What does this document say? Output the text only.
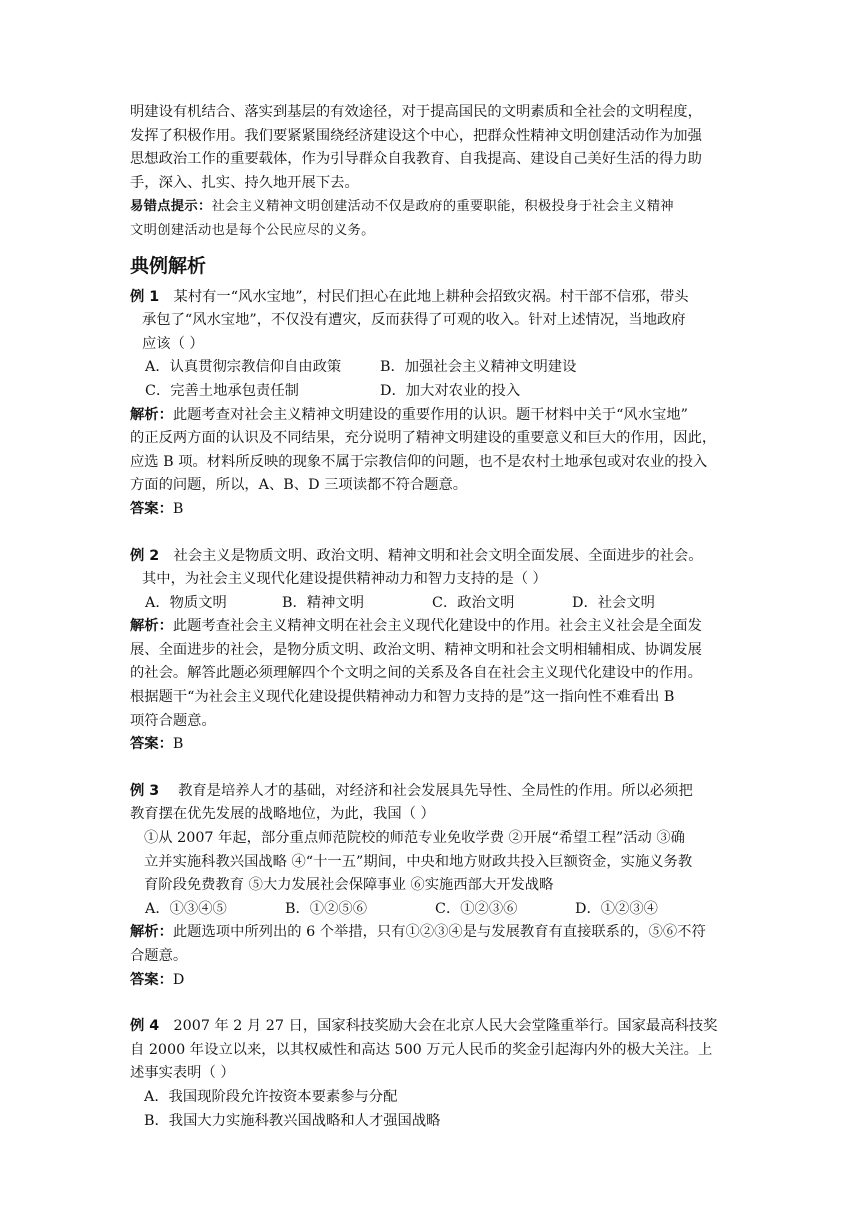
明建设有机结合、落实到基层的有效途径，对于提高国民的文明素质和全社会的文明程度，

发挥了积极作用。我们要紧紧围绕经济建设这个中心，把群众性精神文明创建活动作为加强

思想政治工作的重要载体，作为引导群众自我教育、自我提高、建设自己美好生活的得力助

手，深入、扎实、持久地开展下去。

易错点提示：社会主义精神文明创建活动不仅是政府的重要职能，积极投身于社会主义精神

文明创建活动也是每个公民应尽的义务。

典例解析

例 1　 某村有一“风水宝地”，村民们担心在此地上耕种会招致灾祸。村干部不信邪，带头

承包了“风水宝地”，不仅没有遭灾，反而获得了可观的收入。针对上述情况，当地政府

应该（ ）

A．认真贯彻宗教信仰自由政策	B．加强社会主义精神文明建设
C．完善土地承包责任制	D．加大对农业的投入

解析：此题考查对社会主义精神文明建设的重要作用的认识。题干材料中关于“风水宝地”

的正反两方面的认识及不同结果，充分说明了精神文明建设的重要意义和巨大的作用，因此，

应选 B 项。材料所反映的现象不属于宗教信仰的问题，也不是农村土地承包或对农业的投入

方面的问题，所以，A、B、D 三项读都不符合题意。

答案：B

例 2　 社会主义是物质文明、政治文明、精神文明和社会文明全面发展、全面进步的社会。

其中，为社会主义现代化建设提供精神动力和智力支持的是（ ）

A．物质文明	B．精神文明	C．政治文明	D．社会文明

解析：此题考查社会主义精神文明在社会主义现代化建设中的作用。社会主义社会是全面发

展、全面进步的社会，是物分质文明、政治文明、精神文明和社会文明相辅相成、协调发展

的社会。解答此题必须理解四个个文明之间的关系及各自在社会主义现代化建设中的作用。

根据题干“为社会主义现代化建设提供精神动力和智力支持的是”这一指向性不难看出 B

项符合题意。

答案：B

例 3　 教育是培养人才的基础，对经济和社会发展具先导性、全局性的作用。所以必须把

教育摆在优先发展的战略地位，为此，我国（ ）

①从 2007 年起，部分重点师范院校的师范专业免收学费 ②开展“希望工程”活动 ③确

立并实施科教兴国战略 ④“十一五”期间，中央和地方财政共投入巨额资金，实施义务教

育阶段免费教育 ⑤大力发展社会保障事业 ⑥实施西部大开发战略

A．①③④⑤	B．①②⑤⑥	C．①②③⑥	D．①②③④

解析：此题选项中所列出的 6 个举措，只有①②③④是与发展教育有直接联系的，⑤⑥不符

合题意。

答案：D

例 4　 2007 年 2 月 27 日，国家科技奖励大会在北京人民大会堂隆重举行。国家最高科技奖

自 2000 年设立以来，以其权威性和高达 500 万元人民币的奖金引起海内外的极大关注。上

述事实表明（ ）

A．我国现阶段允许按资本要素参与分配

B．我国大力实施科教兴国战略和人才强国战略
